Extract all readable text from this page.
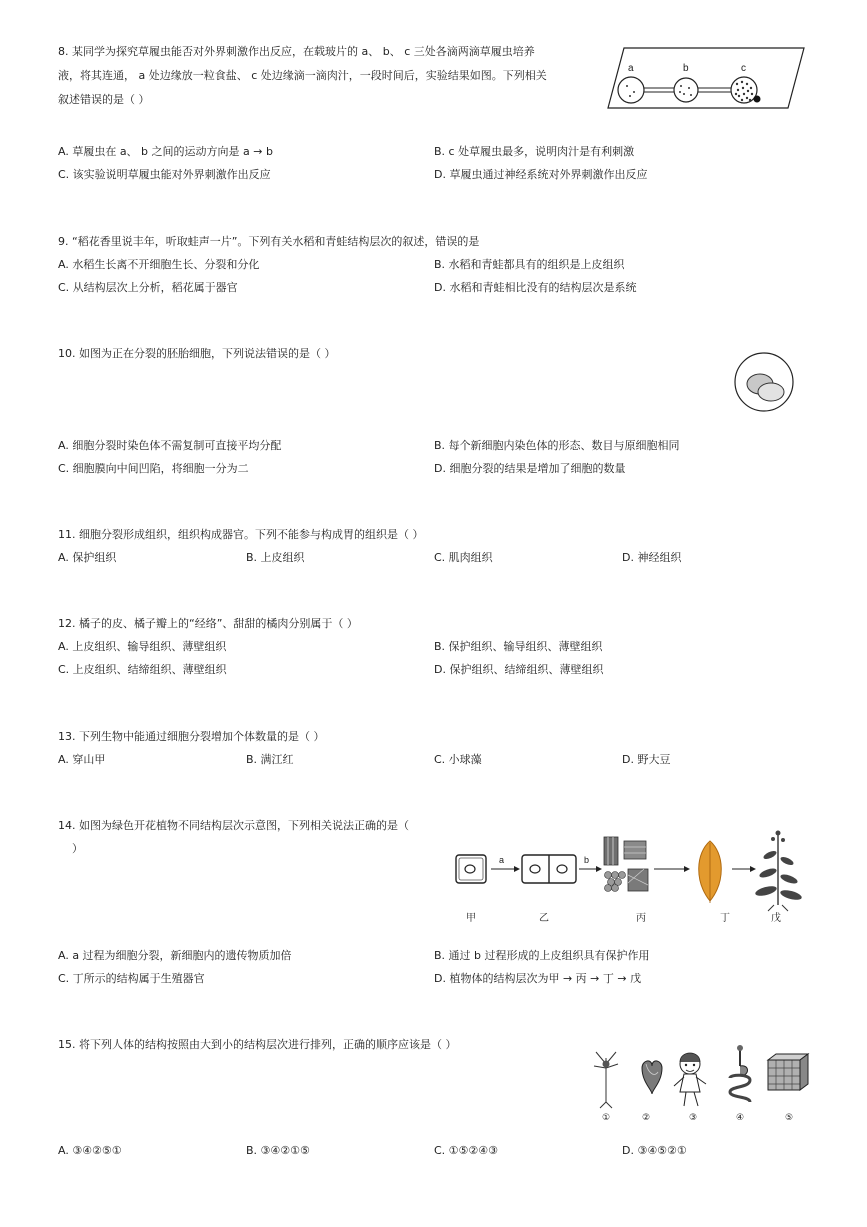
8. 某同学为探究草履虫能否对外界刺激作出反应，在载玻片的 a、 b、 c 三处各滴两滴草履虫培养
液，将其连通， a 处边缘放一粒食盐、 c 处边缘滴一滴肉汁，一段时间后，实验结果如图。下列相关
叙述错误的是（ ）
a	b	c
A. 草履虫在 a、 b 之间的运动方向是 a → b	B. c 处草履虫最多，说明肉汁是有利刺激
C. 该实验说明草履虫能对外界刺激作出反应	D. 草履虫通过神经系统对外界刺激作出反应
9. “稻花香里说丰年，听取蛙声一片”。下列有关水稻和青蛙结构层次的叙述，错误的是
A. 水稻生长离不开细胞生长、分裂和分化	B. 水稻和青蛙都具有的组织是上皮组织
C. 从结构层次上分析，稻花属于器官	D. 水稻和青蛙相比没有的结构层次是系统
10. 如图为正在分裂的胚胎细胞，下列说法错误的是（ ）
A. 细胞分裂时染色体不需复制可直接平均分配	B. 每个新细胞内染色体的形态、数目与原细胞相同
C. 细胞膜向中间凹陷，将细胞一分为二	D. 细胞分裂的结果是增加了细胞的数量
11. 细胞分裂形成组织，组织构成器官。下列不能参与构成胃的组织是（ ）
A. 保护组织	B. 上皮组织	C. 肌肉组织	D. 神经组织
12. 橘子的皮、橘子瓣上的“经络”、甜甜的橘肉分别属于（ ）
A. 上皮组织、输导组织、薄壁组织	B. 保护组织、输导组织、薄壁组织
C. 上皮组织、结缔组织、薄壁组织	D. 保护组织、结缔组织、薄壁组织
13. 下列生物中能通过细胞分裂增加个体数量的是（ ）
A. 穿山甲	B. 满江红	C. 小球藻	D. 野大豆
14. 如图为绿色开花植物不同结构层次示意图，下列相关说法正确的是（
）
a	b
甲	乙	丙	丁	戊
A. a 过程为细胞分裂，新细胞内的遗传物质加倍	B. 通过 b 过程形成的上皮组织具有保护作用
C. 丁所示的结构属于生殖器官	D. 植物体的结构层次为甲 → 丙 → 丁 → 戊
15. 将下列人体的结构按照由大到小的结构层次进行排列，正确的顺序应该是（ ）
①	②	③	④	⑤
A. ③④②⑤①	B. ③④②①⑤	C. ①⑤②④③	D. ③④⑤②①
